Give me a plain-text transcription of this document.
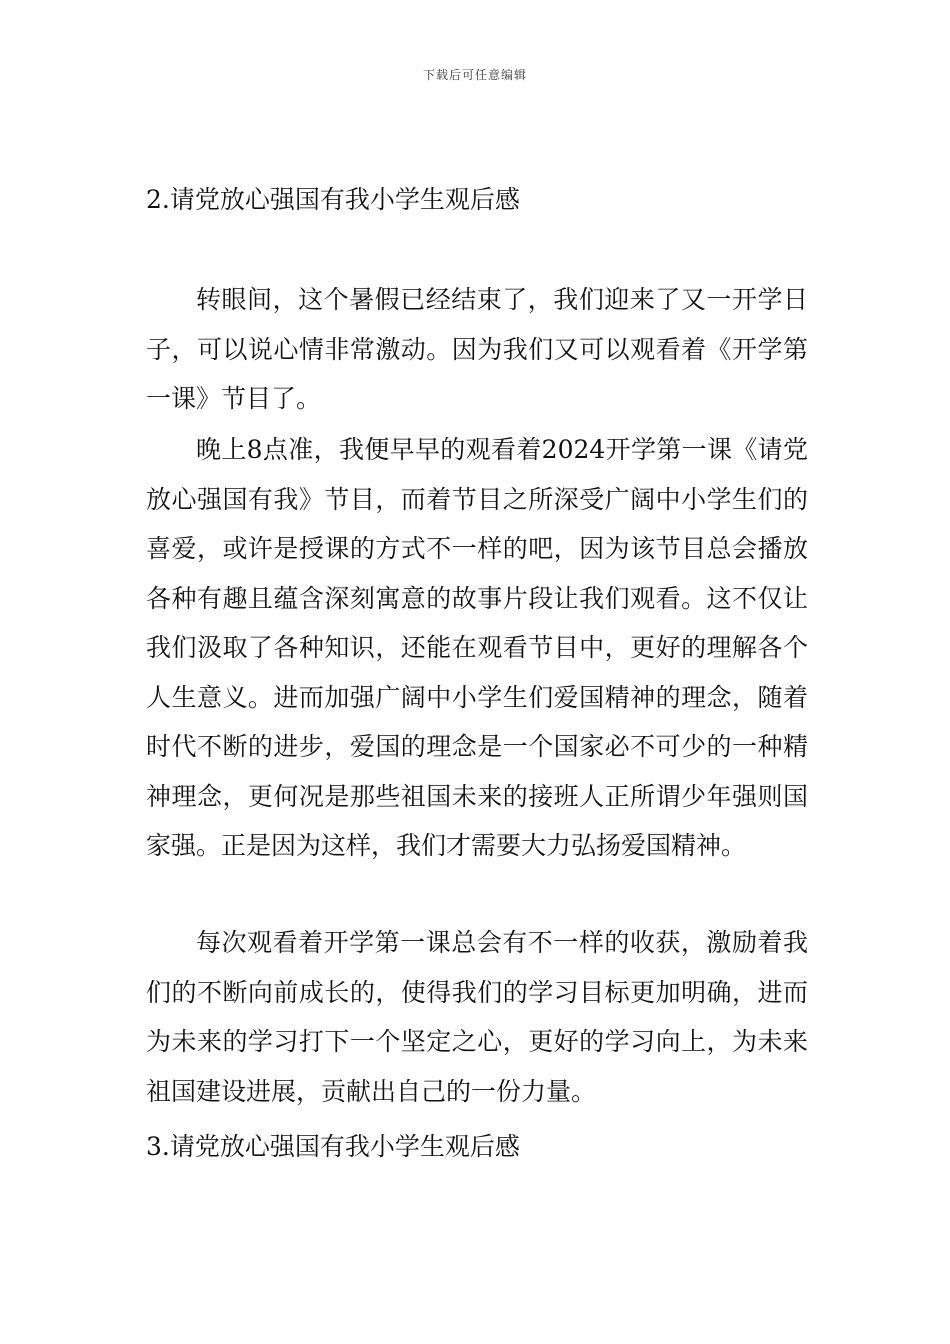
下载后可任意编辑
2.请党放心强国有我小学生观后感

转眼间，这个暑假已经结束了，我们迎来了又一开学日子，可以说心情非常激动。因为我们又可以观看着《开学第一课》节目了。

晚上8点准，我便早早的观看着2024开学第一课《请党放心强国有我》节目，而着节目之所深受广阔中小学生们的喜爱，或许是授课的方式不一样的吧，因为该节目总会播放各种有趣且蕴含深刻寓意的故事片段让我们观看。这不仅让我们汲取了各种知识，还能在观看节目中，更好的理解各个人生意义。进而加强广阔中小学生们爱国精神的理念，随着时代不断的进步，爱国的理念是一个国家必不可少的一种精神理念，更何况是那些祖国未来的接班人正所谓少年强则国家强。正是因为这样，我们才需要大力弘扬爱国精神。

每次观看着开学第一课总会有不一样的收获，激励着我们的不断向前成长的，使得我们的学习目标更加明确，进而为未来的学习打下一个坚定之心，更好的学习向上，为未来祖国建设进展，贡献出自己的一份力量。

3.请党放心强国有我小学生观后感
